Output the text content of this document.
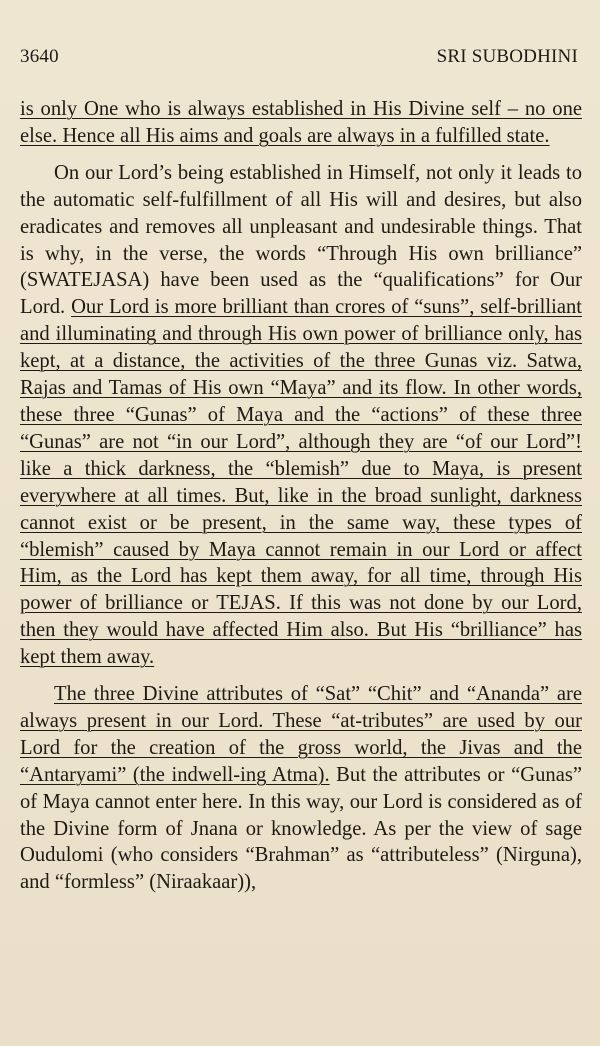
3640	SRI SUBODHINI

is only One who is always established in His Divine self – no one else. Hence all His aims and goals are always in a fulfilled state.

On our Lord’s being established in Himself, not only it leads to the automatic self-fulfillment of all His will and desires, but also eradicates and removes all unpleasant and undesirable things. That is why, in the verse, the words “Through His own brilliance” (SWATEJASA) have been used as the “qualifications” for Our Lord. Our Lord is more brilliant than crores of “suns”, self-brilliant and illuminating and through His own power of brilliance only, has kept, at a distance, the activities of the three Gunas viz. Satwa, Rajas and Tamas of His own “Maya” and its flow. In other words, these three “Gunas” of Maya and the “actions” of these three “Gunas” are not “in our Lord”, although they are “of our Lord”! like a thick darkness, the “blemish” due to Maya, is present everywhere at all times. But, like in the broad sunlight, darkness cannot exist or be present, in the same way, these types of “blemish” caused by Maya cannot remain in our Lord or affect Him, as the Lord has kept them away, for all time, through His power of brilliance or TEJAS. If this was not done by our Lord, then they would have affected Him also. But His “brilliance” has kept them away.

The three Divine attributes of “Sat” “Chit” and “Ananda” are always present in our Lord. These “at-tributes” are used by our Lord for the creation of the gross world, the Jivas and the “Antaryami” (the indwell-ing Atma). But the attributes or “Gunas” of Maya cannot enter here. In this way, our Lord is considered as of the Divine form of Jnana or knowledge. As per the view of sage Oudulomi (who considers “Brahman” as “attributeless” (Nirguna), and “formless” (Niraakaar)),
